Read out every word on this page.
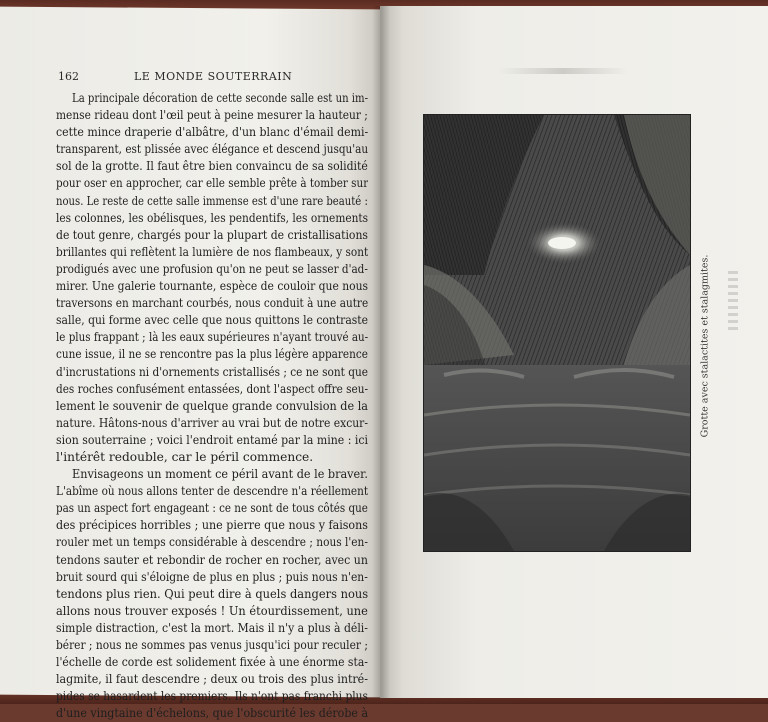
162	LE MONDE SOUTERRAIN
La principale décoration de cette seconde salle est un im-
mense rideau dont l'œil peut à peine mesurer la hauteur ;
cette mince draperie d'albâtre, d'un blanc d'émail demi-
transparent, est plissée avec élégance et descend jusqu'au
sol de la grotte. Il faut être bien convaincu de sa solidité
pour oser en approcher, car elle semble prête à tomber sur
nous. Le reste de cette salle immense est d'une rare beauté :
les colonnes, les obélisques, les pendentifs, les ornements
de tout genre, chargés pour la plupart de cristallisations
brillantes qui reflètent la lumière de nos flambeaux, y sont
prodigués avec une profusion qu'on ne peut se lasser d'ad-
mirer. Une galerie tournante, espèce de couloir que nous
traversons en marchant courbés, nous conduit à une autre
salle, qui forme avec celle que nous quittons le contraste
le plus frappant ; là les eaux supérieures n'ayant trouvé au-
cune issue, il ne se rencontre pas la plus légère apparence
d'incrustations ni d'ornements cristallisés ; ce ne sont que
des roches confusément entassées, dont l'aspect offre seu-
lement le souvenir de quelque grande convulsion de la
nature. Hâtons-nous d'arriver au vrai but de notre excur-
sion souterraine ; voici l'endroit entamé par la mine : ici
l'intérêt redouble, car le péril commence.
Envisageons un moment ce péril avant de le braver.
L'abîme où nous allons tenter de descendre n'a réellement
pas un aspect fort engageant : ce ne sont de tous côtés que
des précipices horribles ; une pierre que nous y faisons
rouler met un temps considérable à descendre ; nous l'en-
tendons sauter et rebondir de rocher en rocher, avec un
bruit sourd qui s'éloigne de plus en plus ; puis nous n'en-
tendons plus rien. Qui peut dire à quels dangers nous
allons nous trouver exposés ! Un étourdissement, une
simple distraction, c'est la mort. Mais il n'y a plus à déli-
bérer ; nous ne sommes pas venus jusqu'ici pour reculer ;
l'échelle de corde est solidement fixée à une énorme sta-
lagmite, il faut descendre ; deux ou trois des plus intré-
pides se hasardent les premiers. Ils n'ont pas franchi plus
d'une vingtaine d'échelons, que l'obscurité les dérobe à
Grotte avec stalactites et stalagmites.
